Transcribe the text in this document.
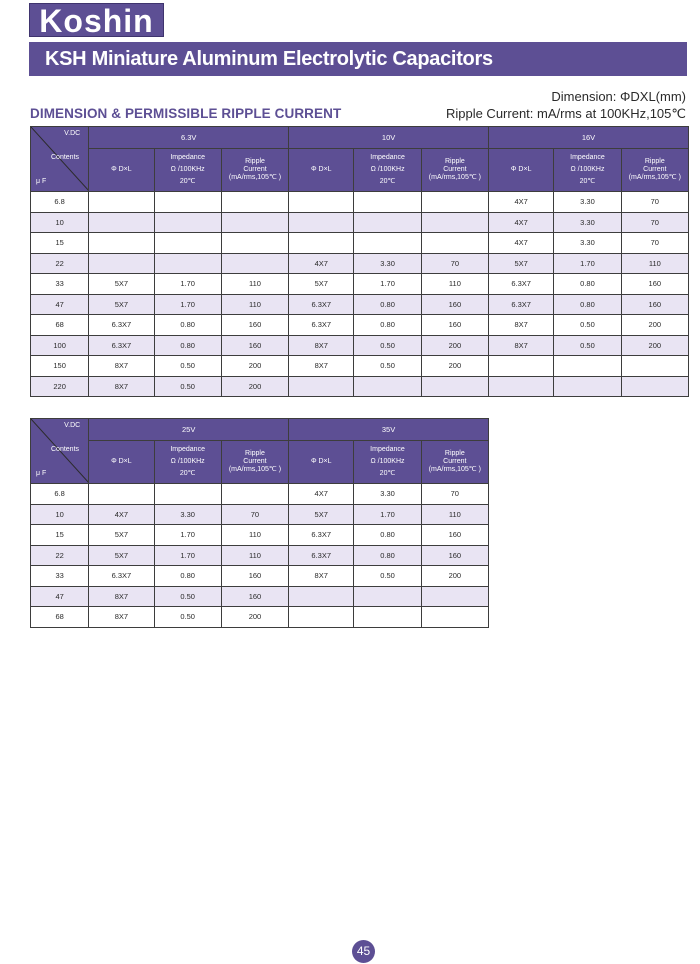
Koshin
KSH Miniature Aluminum Electrolytic Capacitors
DIMENSION & PERMISSIBLE RIPPLE CURRENT
Dimension: ΦDXL(mm)
Ripple Current: mA/rms at 100KHz,105℃
V.DC
Contents
μ F	6.3V			10V			16V		
	Φ D×L	Impedance
Ω /100KHz
20℃	Ripple
Current
(mA/rms,105℃ )	Φ D×L	Impedance
Ω /100KHz
20℃	Ripple
Current
(mA/rms,105℃ )	Φ D×L	Impedance
Ω /100KHz
20℃	Ripple
Current
(mA/rms,105℃ )

6.8							4X7	3.30	70
10							4X7	3.30	70
15							4X7	3.30	70
22				4X7	3.30	70	5X7	1.70	110
33	5X7	1.70	110	5X7	1.70	110	6.3X7	0.80	160
47	5X7	1.70	110	6.3X7	0.80	160	6.3X7	0.80	160
68	6.3X7	0.80	160	6.3X7	0.80	160	8X7	0.50	200
100	6.3X7	0.80	160	8X7	0.50	200	8X7	0.50	200
150	8X7	0.50	200	8X7	0.50	200			
220	8X7	0.50	200						
V.DC
Contents
μ F	25V			35V		
	Φ D×L	Impedance
Ω /100KHz
20℃	Ripple
Current
(mA/rms,105℃ )	Φ D×L	Impedance
Ω /100KHz
20℃	Ripple
Current
(mA/rms,105℃ )

6.8				4X7	3.30	70
10	4X7	3.30	70	5X7	1.70	110
15	5X7	1.70	110	6.3X7	0.80	160
22	5X7	1.70	110	6.3X7	0.80	160
33	6.3X7	0.80	160	8X7	0.50	200
47	8X7	0.50	160			
68	8X7	0.50	200			
45
